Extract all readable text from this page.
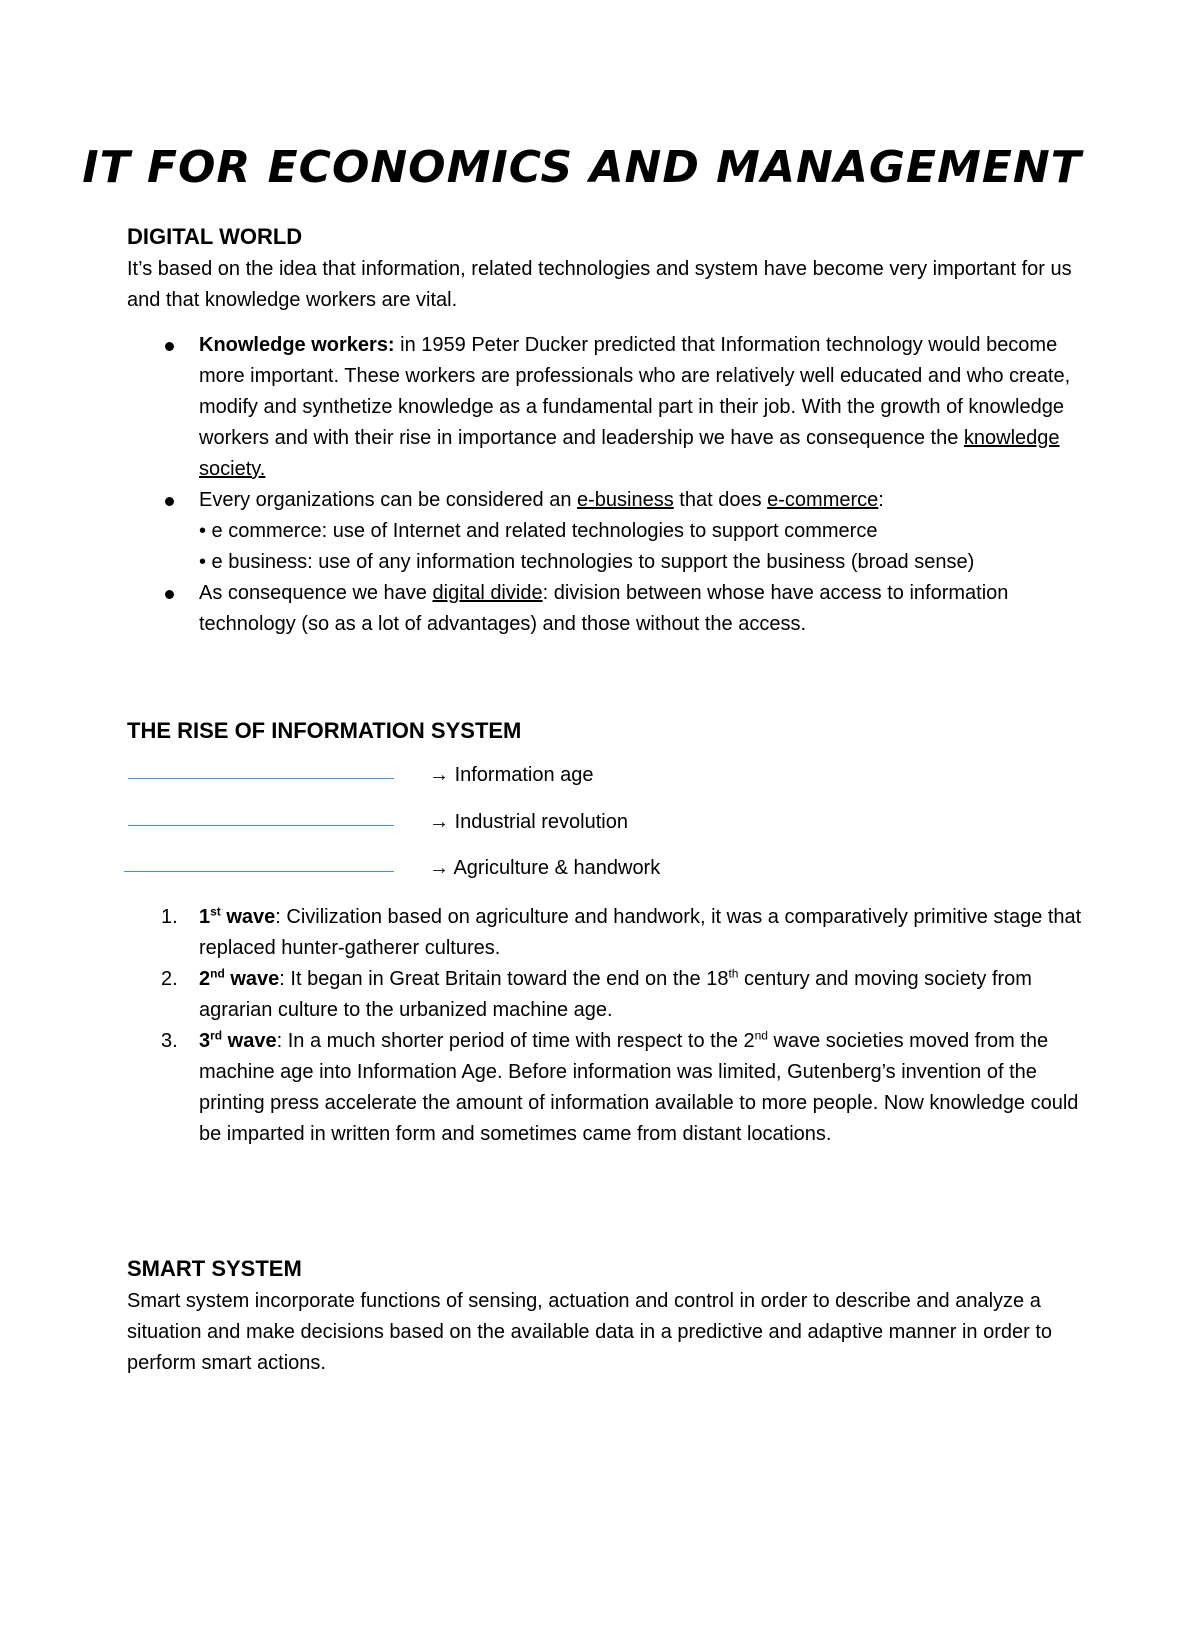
IT FOR ECONOMICS AND MANAGEMENT
DIGITAL WORLD
It’s based on the idea that information, related technologies and system have become very important for us and that knowledge workers are vital.
Knowledge workers: in 1959 Peter Ducker predicted that Information technology would become more important. These workers are professionals who are relatively well educated and who create, modify and synthetize knowledge as a fundamental part in their job. With the growth of knowledge workers and with their rise in importance and leadership we have as consequence the knowledge society.
Every organizations can be considered an e-business that does e-commerce:
• e commerce: use of Internet and related technologies to support commerce
• e business: use of any information technologies to support the business (broad sense)
As consequence we have digital divide: division between whose have access to information technology (so as a lot of advantages) and those without the access.
THE RISE OF INFORMATION SYSTEM
→ Information age
→ Industrial revolution
→ Agriculture & handwork
1. 1st wave: Civilization based on agriculture and handwork, it was a comparatively primitive stage that replaced hunter-gatherer cultures.
2. 2nd wave: It began in Great Britain toward the end on the 18th century and moving society from agrarian culture to the urbanized machine age.
3. 3rd wave: In a much shorter period of time with respect to the 2nd wave societies moved from the machine age into Information Age. Before information was limited, Gutenberg’s invention of the printing press accelerate the amount of information available to more people. Now knowledge could be imparted in written form and sometimes came from distant locations.
SMART SYSTEM
Smart system incorporate functions of sensing, actuation and control in order to describe and analyze a situation and make decisions based on the available data in a predictive and adaptive manner in order to perform smart actions.
